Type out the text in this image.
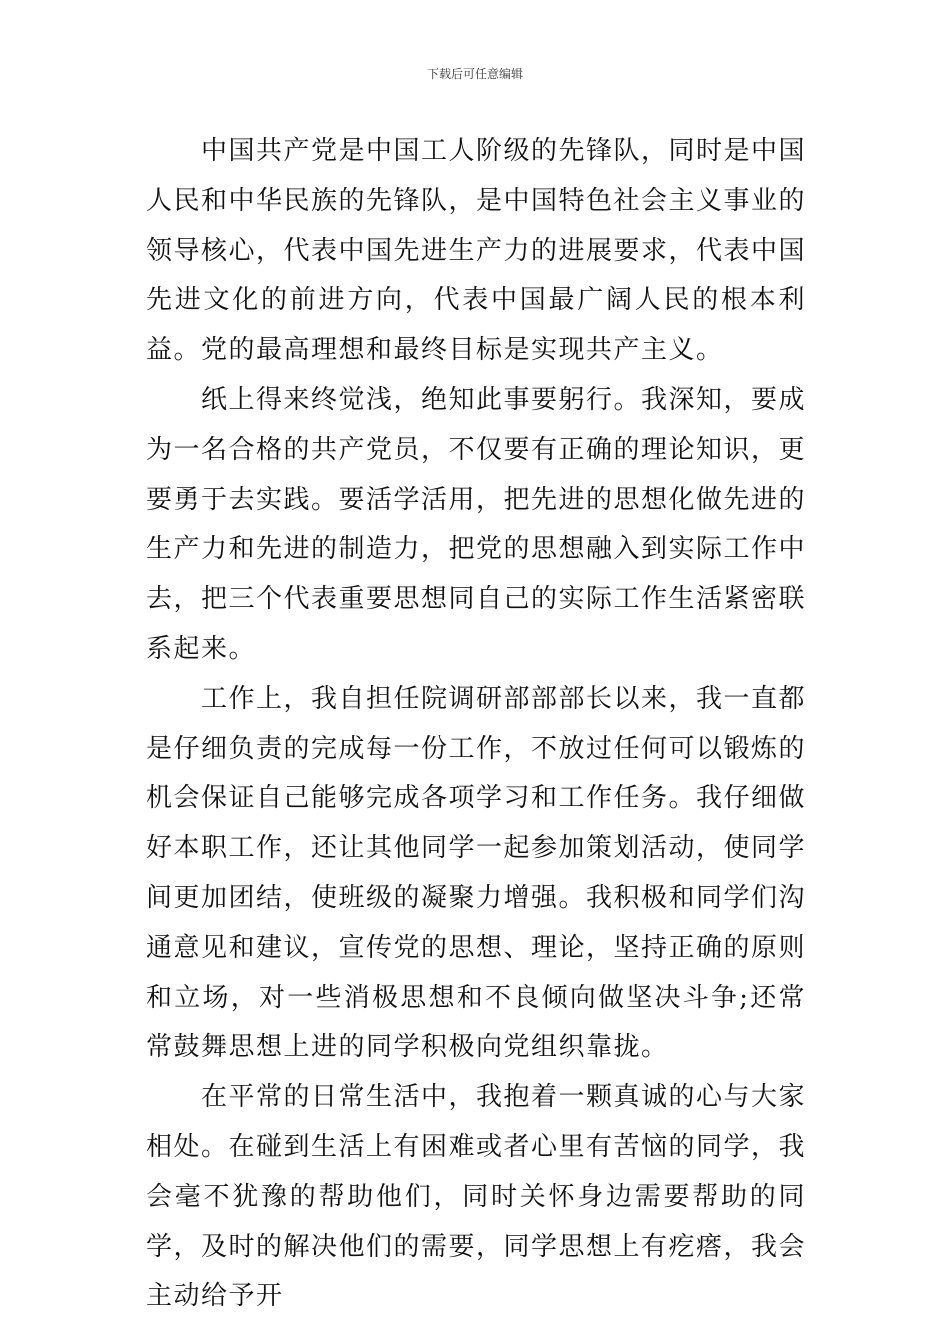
下载后可任意编辑

中国共产党是中国工人阶级的先锋队，同时是中国人民和中华民族的先锋队，是中国特色社会主义事业的领导核心，代表中国先进生产力的进展要求，代表中国先进文化的前进方向，代表中国最广阔人民的根本利益。党的最高理想和最终目标是实现共产主义。

纸上得来终觉浅，绝知此事要躬行。我深知，要成为一名合格的共产党员，不仅要有正确的理论知识，更要勇于去实践。要活学活用，把先进的思想化做先进的生产力和先进的制造力，把党的思想融入到实际工作中去，把三个代表重要思想同自己的实际工作生活紧密联系起来。

工作上，我自担任院调研部部部长以来，我一直都是仔细负责的完成每一份工作，不放过任何可以锻炼的机会保证自己能够完成各项学习和工作任务。我仔细做好本职工作，还让其他同学一起参加策划活动，使同学间更加团结，使班级的凝聚力增强。我积极和同学们沟通意见和建议，宣传党的思想、理论，坚持正确的原则和立场，对一些消极思想和不良倾向做坚决斗争;还常常鼓舞思想上进的同学积极向党组织靠拢。

在平常的日常生活中，我抱着一颗真诚的心与大家相处。在碰到生活上有困难或者心里有苦恼的同学，我会毫不犹豫的帮助他们，同时关怀身边需要帮助的同学，及时的解决他们的需要，同学思想上有疙瘩，我会主动给予开
